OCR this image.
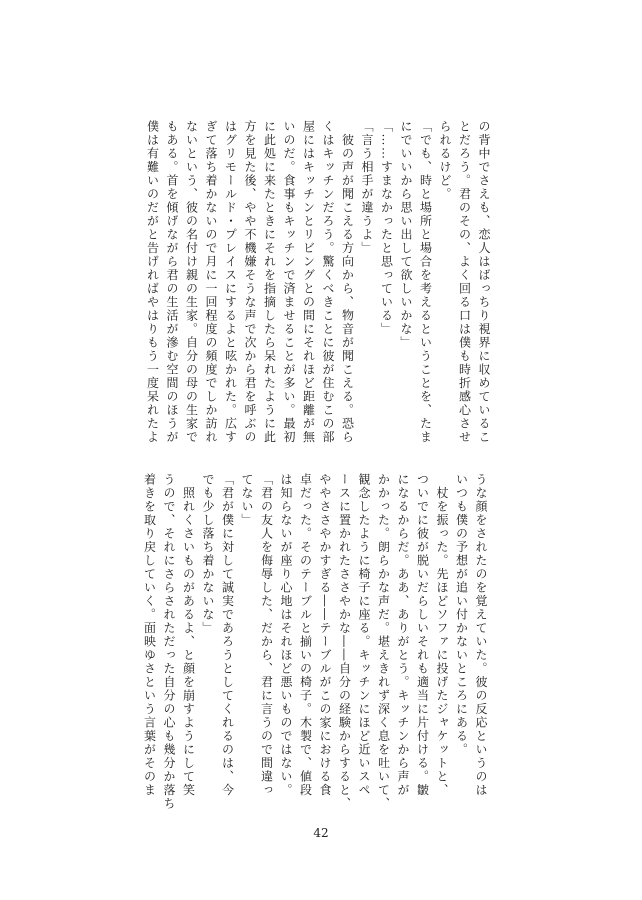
の背中でさえも、恋人はばっちり視界に収めているこ

とだろう。君のその、よく回る口は僕も時折感心させ

られるけど。

「でも、時と場所と場合を考えるということを、たま

にでいいから思い出して欲しいかな」

「……すまなかったと思っている」

「言う相手が違うよ」

　彼の声が聞こえる方向から、物音が聞こえる。恐ら

くはキッチンだろう。驚くべきことに彼が住むこの部

屋にはキッチンとリビングとの間にそれほど距離が無

いのだ。食事もキッチンで済ませることが多い。最初

に此処に来たときにそれを指摘したら呆れたように此

方を見た後、やや不機嫌そうな声で次から君を呼ぶの

はグリモールド・プレイスにするよと呟かれた。広す

ぎて落ち着かないので月に一回程度の頻度でしか訪れ

ないという、彼の名付け親の生家。自分の母の生家で

もある。首を傾げながら君の生活が滲む空間のほうが

僕は有難いのだがと告げればやはりもう一度呆れたよ

うな顔をされたのを覚えていた。彼の反応というのは

いつも僕の予想が追い付かないところにある。

　杖を振った。先ほどソファに投げたジャケットと、

ついでに彼が脱いだらしいそれも適当に片付ける。皺

になるからだ。ああ、ありがとう。キッチンから声が

かかった。朗らかな声だ。堪えきれず深く息を吐いて、

観念したように椅子に座る。キッチンにほど近いスペ

ースに置かれたささやかな――自分の経験からすると、

ややささやかすぎる――テーブルがこの家における食

卓だった。そのテーブルと揃いの椅子。木製で、値段

は知らないが座り心地はそれほど悪いものではない。

「君の友人を侮辱した、だから、君に言うので間違っ

てない」

「君が僕に対して誠実であろうとしてくれるのは、今

でも少し落ち着かないな」

　照れくさいものがあるよ、と顔を崩すようにして笑

うので、それにさらされただった自分の心も幾分か落ち

着きを取り戻していく。面映ゆさという言葉がそのま

42
